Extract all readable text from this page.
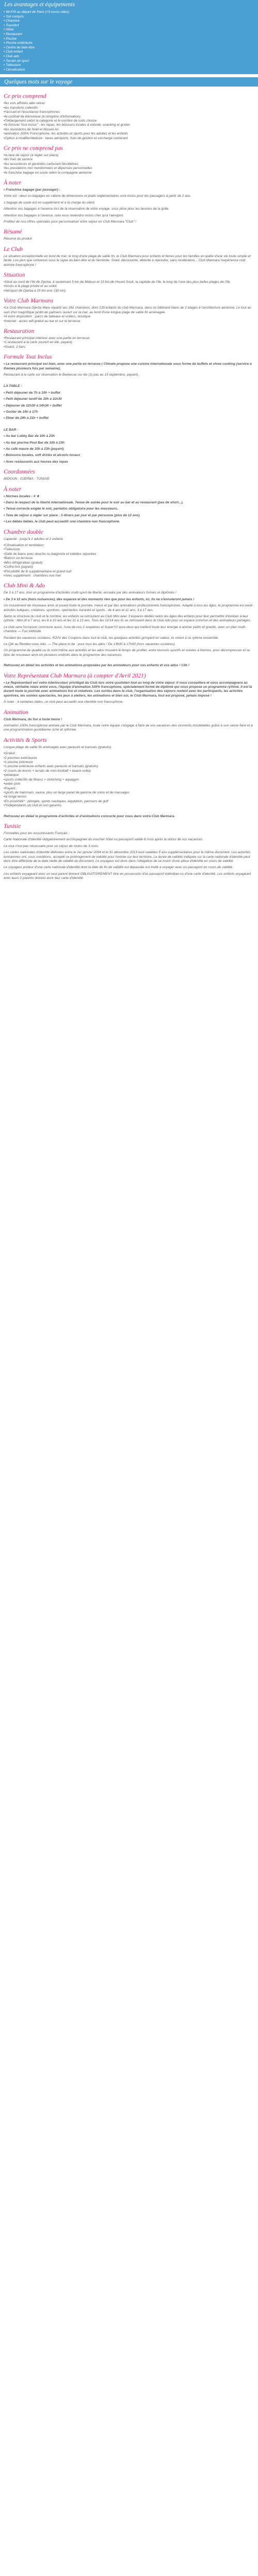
Les avantages et équipements
• Wi-Fi® au départ de Paris (+5 euros-villes)
• Toit compris
• Chambre
• Transfert
• Hôtel
• Restaurant
• Piscine
• Piscine extérieure
• Centre de bien-être
• Club enfant
• Club ado
• Terrain de sport
• Télévision
• Climatisation
Quelques mots sur le voyage
Ce prix comprend
• les vols affrétés aller-retour
• les transferts collectifs
• l'accueil et l'assistance francophones
• le cocktail de bienvenue (à réception d'information)
• l'hébergement selon la catégorie et le nombre de nuits choisie
• la formule "tout inclus" - les repas, les boissons locales à volonté, snacking et goûter
• les revolutions de Noël et Nouvel An
• animation 100% Francophone, les activités et sports pour les adultes et les enfants
• Option à modifier/déduire : taxes aéroports, frais de gestion et surcharge carburant
Ce prix ne comprend pas
• la taxe de séjour (à régler sur place)
• les frais de service
• les assurances et garanties carburant facultatives
• les prestations non mentionnées et dépenses personnelles
• le franchise bagage en soute selon la compagnie aérienne
À noter

• Franchise bagage (par passager) :

Votre vol : deux ou bagages en cabine de dimensions et poids réglementaires sont inclus pour les passagers à partir de 2 ans.

1 bagage de soute est en supplément et à la charge du client.

Attention vos bagages à l'avance lors de la réservation de votre voyage, sous pèse pour les besoins de la grille.

Attention vos bagages à l'avance, cela vous reviendra moins cher qu'à l'aéroport.

Profitez de nos offres spéciales pour personnaliser votre séjour en Club Marmara "Club" !

Résumé

Résumé du produit

Le Club

Le situation exceptionnelle en bord de mer, le long d'une plage de sable fin, le Club Marmara pour enfants et tienes pour les familles en quête d'une vie toute simple et facile. Les plus que convenus sous le signe du bien-être et du farniente. Soleil, découverte, détente à répondre, sans modération... Club Marmara l'expérience club animée francophone !

Situation
• Situé au nord de l'île de Djerba, à seulement 5 km de Midoun et 15 km de Houmt Souk, la capitale de l'île, le long de l'une des plus belles plages de l'île.
• Accès à la plage privée et au soleil.
• Aéroport de Djerba à 25 km env. (30 mn).
Votre Club Marmara
• Le Club Marmara Djerba Mare répartit ses 281 chambres, dont 135 enfants du club Marmara, dans un bâtiment blanc de 2 étages à l'architecture aérienne. Le tout au sein d'un magnifique jardin de palmiers ouvert sur la mer, au bord d'une longue plage de sable fin aménagée.
• À votre disposition : parcs de bateaux et voiliers, boutique
• Internet : accès wifi gratuit au bar et sur le terrasse.
Restauration
• Restaurant principal intérieur avec une partie en terrasse.
• 1 restaurant à la carte (ouvert en été, payant).
• Snack, 2 bars.
Formule Tout Inclus

• Le restaurant principal est bien, avec une partie en terrasse ( Climate propose une cuisine internationale sous forme de buffets et show cooking (service à thèmes plusieurs fois par semaine).

Restaurant à la carte sur réservation le Barbecue sur dix (1) pas au 15 septembre, payant).

LA TABLE :

• Petit déjeuner de 7h à 10h + buffet

• Petit déjeuner tardif de 10h à 11h30

• Déjeuner de 12h30 à 14h30 + buffet

• Goûter de 16h à 17h

• Dîner de 19h à 21h + buffet

LE BAR :

• Au bar Lobby Bar de 10h à 23h

• Au bar piscine Pool Bar de 10h à 23h

• Au café maure de 10h à 23h (payant)

• Boissons locales, soft drinks et alcools locaux

• Avec restaurants aux heures des repas

Coordonnées

MIDOUN - DJERBA - TUNISIE

À noter

• Normes locales : 4 ★

• Dans le respect de la liberté internationale. Tenue de soirée pour le soir au bar et au restaurant (pas de short...).

• Tenue correcte exigée le soir, pantalon obligatoire pour les messieurs.

• Taxe de séjour à régler sur place : 3 dinars par jour et par personne (plus de 12 ans).

• Les bébés-bébés, le club peut accueillir une chambre non francophone.

Chambre double

Capacité : jusqu'à 2 adultes et 2 enfants

• Climatisation et ventilation
• Télévision
• Salle de bains avec douche ou baignoire et toilettes séparées
• Balcon ou terrasse
• Mini réfrigérateur (gratuit)
• Coffre-fort (payant)
• Possibilité de lit supplémentaire et grand nuit
• Avec supplément : chambres vue mer
Club Mini & Ado

De 3 à 17 ans, tout un programme d'activités multi-sport de liberté, encadré par des animateurs formés et diplômés !

• De 3 à 12 ans (hors nuisances), des espaces et des moments rien que pour les enfants, ici, ils ne s'ennuieront jamais !

Un mouvement de nouveaux amis et jouant toute la journée, mieux et par des animateurs professionnels francophones. Adapté à tous les âges, le programme est varié : activités ludiques, créatives, sportives, spectacles, karaoké et sports ; de 4 ans et 11 ans; 3 à 17 ans.

Selon la structure du club et le nombre, les enfants se retrouvent au Club Mini avec 3 espaces dédiés selon les âges des enfants pour leur permettre d'évoluer à leur rythme : Mini (4 à 7 ans), les 8 à 10 ans et les 11 à 13 ans. Tous les 12/14 ans ils se retrouvent dans le Club Ado pour un espace commun et des animateurs partagés.

Le club sera l'occasion commune aussi, l'une de nos 2 soupières et Super'O! aura deux qui mettent toute leur énergie à animer petits et grands, avec un plan multi-chambre — Fun tAttitude.

Pendant les vacances scolaires, R20V des Coupons dans tout le club, les quelques activités grimpent en valeur, ils vivent à ce rythme ensemble.

Le Qté au Rendez-vous Ado. — The place to be : pour tous les ados ! De 13h00 à 17h00 (hors vacances scolaires).

Un programme de qualité ou ils vont même aux activités et les ados trouvent le temps de profiter, entre tournois sportifs et soirées à thèmes, pour décompresser et se faire de nouveaux amis en plusieurs endroits dans le programme des vacances.

Retrouvez en détail les activités et les animations proposées par les animateurs pour vos enfants et vos ados ! Clik !

Votre Représentant Club Marmara (à compter d'Avril 2021)

• Le Représentant est votre interlocuteur privilégié du Club lors votre quotidien tout au long de votre séjour. Il vous conseillera et vous accompagnera au mieux, véritable relais entre vous, l'équipe d'animation 100% francophone, spécialement formé de diplômé qui vous propose un programme rythmé. Il est là durant toute la journée avec animations fun et créatives. Les sorties dans le club, l'organisation des séjours restent avec les participants, les activités sportives, les soirées spectacles, les jeux à ateliers, les animations et bien sûr, le Club Marmara, tout est proposé, jamais imposé !

À noter : à certaines dates, ce club peut accueillir une clientèle non francophone.

Animation

Club Marmara, du fun à toute heure !

Animation 100% francophone animée par le Club Marmara, toute notre équipe s'engage à faire de vos vacances des moments inoubliables grâce à son savoir-faire et à une programmation quotidienne riche et rythmée.

Activités & Sports

Longue plage de sable fin aménagée avec parasols et transats (gratuits).

• Gratuit :
• 2 piscines extérieures
• 1 piscine intérieure
• 1 piscine extérieure enfants avec parasols et transats (gratuits)
• 2 courts de tennis + terrain de mini-football + beach-volley
• pétanque
• sports collectifs de fitness + stretching + aquagym
• water-polo
• Payant :
• sports de hammam, sauna, plus un large panel de gamme de soins et de massages
• la longe tennis
• En proximité* : plongée, sports nautiques, équitation, parcours de golf
• *Indépendants du club et non garantis.

Retrouvez en détail le programme d'activités et d'animations concocté pour vous dans votre Club Marmara.

Tunisie

Formalités pour les ressortissants Français :

Carte Nationale d'Identité obligatoirement accompagnée du voucher hôtel ou passeport valide 6 mois après le retour de vos vacances.

Le visa n'est pas nécessaire pour un séjour de moins de 3 mois.

Les cartes nationales d'identité délivrées entre le 1er janvier 2004 et le 31 décembre 2013 sont valables 5 ans supplémentaires pour le même document. Les autorités tunisiennes ont, sous conditions, accepté ce prolongement de validité pour l'entrée sur leur territoire. La durée de validité indiquée sur la carte nationale d'identité peut donc être différente de la date réelle de validité du document. Le voyageur est donc dans l'obligation de se munir d'une pièce d'identité en cours de validité.

Le voyageur porteur d'une carte nationale d'identité dont la date de fin de validité est dépassée est invité à voyager avec un passeport en cours de validité.

Les enfants voyageant avec un seul parent doivent OBLIGATOIREMENT être en possession d'un passeport individuel ou d'une carte d'identité. Les enfants voyageant avec leurs 2 parents doivent avoir leur carte d'identité.
